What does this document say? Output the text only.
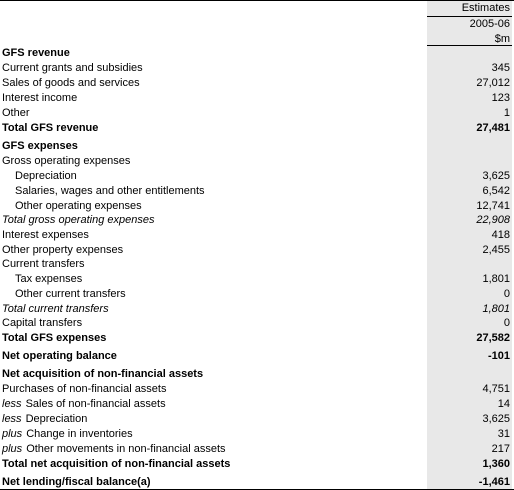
Estimates
2005-06
$m
GFS revenue
Current grants and subsidies	345
Sales of goods and services	27,012
Interest income	123
Other	1
Total GFS revenue	27,481
GFS expenses
Gross operating expenses
Depreciation	3,625
Salaries, wages and other entitlements	6,542
Other operating expenses	12,741
Total gross operating expenses	22,908
Interest expenses	418
Other property expenses	2,455
Current transfers
Tax expenses	1,801
Other current transfers	0
Total current transfers	1,801
Capital transfers	0
Total GFS expenses	27,582
Net operating balance	-101
Net acquisition of non-financial assets
Purchases of non-financial assets	4,751
less Sales of non-financial assets	14
less Depreciation	3,625
plus Change in inventories	31
plus Other movements in non-financial assets	217
Total net acquisition of non-financial assets	1,360
Net lending/fiscal balance(a)	-1,461
